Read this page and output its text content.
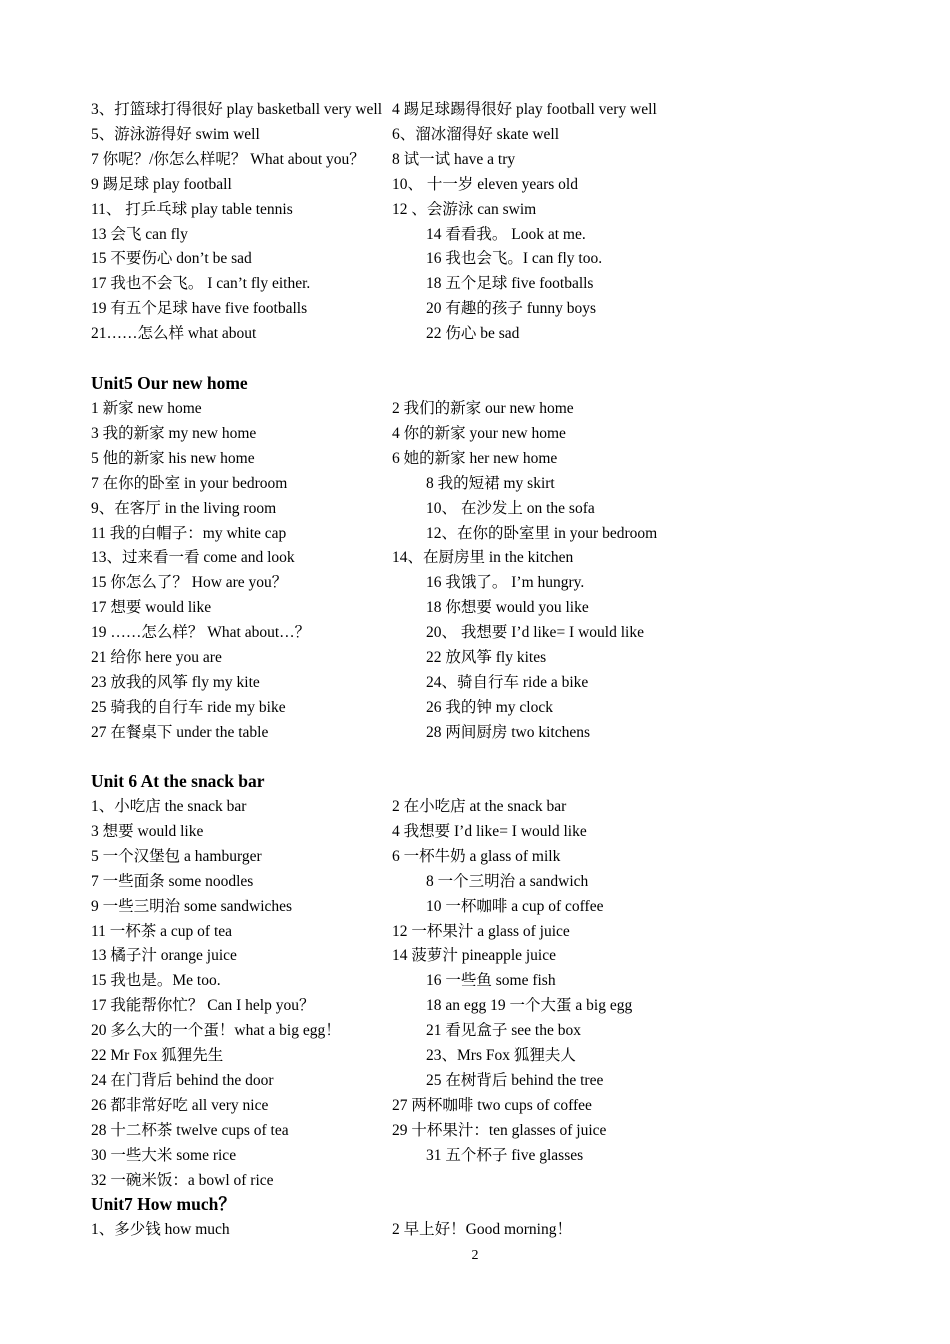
3、打篮球打得很好 play basketball very well 4 踢足球踢得很好 play football very well
5、游泳游得好 swim well	6、溜冰溜得好 skate well
7 你呢？/你怎么样呢？ What about you？ 8 试一试 have a try
9 踢足球 play football	10、 十一岁 eleven years old
11、 打乒乓球 play table tennis	12 、会游泳 can swim
13 会飞 can fly	14 看看我。 Look at me.
15 不要伤心 don’t be sad	16 我也会飞。I can fly too.
17 我也不会飞。 I can’t fly either.	18 五个足球 five footballs
19 有五个足球 have five footballs	20 有趣的孩子 funny boys
21……怎么样 what about	22 伤心 be sad
Unit5 Our new home
1 新家 new home	2 我们的新家 our new home
3 我的新家 my new home	4 你的新家 your new home
5 他的新家 his new home	6 她的新家 her new home
7 在你的卧室 in your bedroom	8 我的短裙 my skirt
9、在客厅 in the living room	10、 在沙发上 on the sofa
11 我的白帽子：my white cap	12、在你的卧室里 in your bedroom
13、过来看一看 come and look	14、在厨房里 in the kitchen
15 你怎么了？ How are you？	16 我饿了。 I’m hungry.
17 想要 would like	18 你想要 would you like
19 ……怎么样？ What about…？	20、 我想要 I’d like= I would like
21 给你 here you are	22 放风筝 fly kites
23 放我的风筝 fly my kite	24、骑自行车 ride a bike
25 骑我的自行车 ride my bike	26 我的钟 my clock
27 在餐桌下 under the table	28 两间厨房 two kitchens
Unit 6 At the snack bar
1、小吃店 the snack bar	2 在小吃店 at the snack bar
3 想要 would like	4 我想要 I’d like= I would like
5 一个汉堡包 a hamburger	6 一杯牛奶 a glass of milk
7 一些面条 some noodles	8 一个三明治 a sandwich
9 一些三明治 some sandwiches	10 一杯咖啡 a cup of coffee
11 一杯茶 a cup of tea	12 一杯果汁 a glass of juice
13 橘子汁 orange juice	14 菠萝汁 pineapple juice
15 我也是。Me too.	16 一些鱼 some fish
17 我能帮你忙？ Can I help you？	18 an egg 19 一个大蛋 a big egg
20 多么大的一个蛋！what a big egg！	21 看见盒子 see the box
22 Mr Fox 狐狸先生	23、Mrs Fox 狐狸夫人
24 在门背后 behind the door	25 在树背后 behind the tree
26 都非常好吃 all very nice	27 两杯咖啡 two cups of coffee
28 十二杯茶 twelve cups of tea	29 十杯果汁：ten glasses of juice
30 一些大米 some rice	31 五个杯子 five glasses
32 一碗米饭：a bowl of rice
Unit7 How much？
1、多少钱 how much	2 早上好！Good morning！
2
